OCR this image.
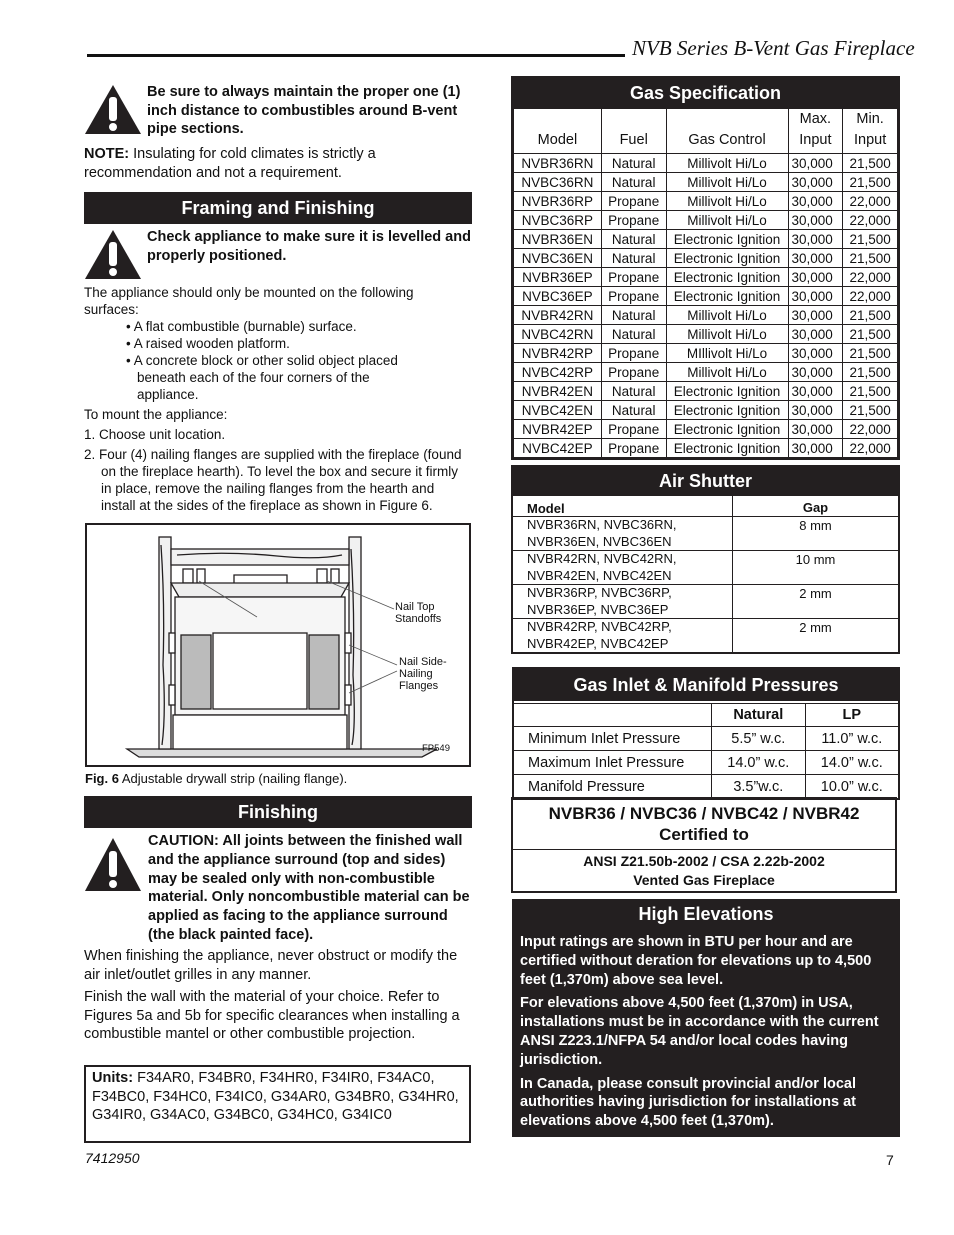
NVB Series B-Vent Gas Fireplace
Be sure to always maintain the proper one (1) inch distance to combustibles around B-vent pipe sections.
NOTE: Insulating for cold climates is strictly a recommendation and not a requirement.
Framing and Finishing
Check appliance to make sure it is levelled and properly positioned.
The appliance should only be mounted on the following surfaces:
• A flat combustible (burnable) surface.
• A raised wooden platform.
• A concrete block or other solid object placed beneath each of the four corners of the appliance.
To mount the appliance:
1. Choose unit location.
2. Four (4) nailing flanges are supplied with the fireplace (found on the fireplace hearth). To level the box and secure it firmly in place, remove the nailing flanges from the hearth and install at the sides of the fireplace as shown in Figure 6.
Nail Top Standoffs
Nail Side-Nailing Flanges
FP549
Fig. 6 Adjustable drywall strip (nailing flange).
Finishing
CAUTION: All joints between the finished wall and the appliance surround (top and sides) may be sealed only with non-combustible material. Only noncombustible material can be applied as facing to the appliance surround (the black painted face).
When finishing the appliance, never obstruct or modify the air inlet/outlet grilles in any manner.
Finish the wall with the material of your choice. Refer to Figures 5a and 5b for specific clearances when installing a combustible mantel or other combustible projection.
Units: F34AR0, F34BR0, F34HR0, F34IR0, F34AC0, F34BC0, F34HC0, F34IC0, G34AR0, G34BR0, G34HR0, G34IR0, G34AC0, G34BC0, G34HC0, G34IC0
Gas Specification
Model	Fuel	Gas Control	Max. Input	Min. Input
NVBR36RN	Natural	Millivolt Hi/Lo	30,000	21,500
NVBC36RN	Natural	Millivolt Hi/Lo	30,000	21,500
NVBR36RP	Propane	Millivolt Hi/Lo	30,000	22,000
NVBC36RP	Propane	Millivolt Hi/Lo	30,000	22,000
NVBR36EN	Natural	Electronic Ignition	30,000	21,500
NVBC36EN	Natural	Electronic Ignition	30,000	21,500
NVBR36EP	Propane	Electronic Ignition	30,000	22,000
NVBC36EP	Propane	Electronic Ignition	30,000	22,000
NVBR42RN	Natural	Millivolt Hi/Lo	30,000	21,500
NVBC42RN	Natural	Millivolt Hi/Lo	30,000	21,500
NVBR42RP	Propane	MIllivolt Hi/Lo	30,000	21,500
NVBC42RP	Propane	Millivolt Hi/Lo	30,000	21,500
NVBR42EN	Natural	Electronic Ignition	30,000	21,500
NVBC42EN	Natural	Electronic Ignition	30,000	21,500
NVBR42EP	Propane	Electronic Ignition	30,000	22,000
NVBC42EP	Propane	Electronic Ignition	30,000	22,000
Air Shutter
Model	Gap

NVBR36RN, NVBC36RN,
NVBR36EN, NVBC36EN	8 mm

NVBR42RN, NVBC42RN,
NVBR42EN, NVBC42EN	10 mm

NVBR36RP, NVBC36RP,
NVBR36EP, NVBC36EP	2 mm

NVBR42RP, NVBC42RP,
NVBR42EP, NVBC42EP	2 mm
Gas Inlet & Manifold Pressures
	Natural	LP
Minimum Inlet Pressure	5.5” w.c.	11.0” w.c.
Maximum Inlet Pressure	14.0” w.c.	14.0” w.c.
Manifold Pressure	3.5”w.c.	10.0” w.c.
NVBR36 / NVBC36 / NVBC42 / NVBR42
Certified to
ANSI Z21.50b-2002 / CSA 2.22b-2002
Vented Gas Fireplace
High Elevations
Input ratings are shown in BTU per hour and are certified without deration for elevations up to 4,500 feet (1,370m) above sea level.
For elevations above 4,500 feet (1,370m) in USA, installations must be in accordance with the current ANSI Z223.1/NFPA 54 and/or local codes having jurisdiction.
In Canada, please consult provincial and/or local authorities having jurisdiction for installations at elevations above 4,500 feet (1,370m).
7412950	7
